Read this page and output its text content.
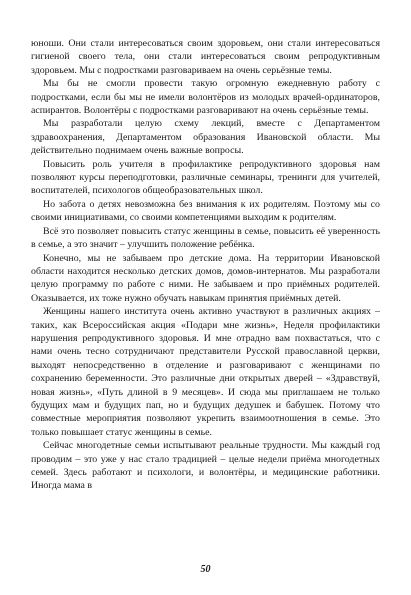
юноши. Они стали интересоваться своим здоровьем, они стали интересоваться гигиеной своего тела, они стали интересоваться своим репродуктивным здоровьем. Мы с подростками разговариваем на очень серьёзные темы.

Мы бы не смогли провести такую огромную ежедневную работу с подростками, если бы мы не имели волонтёров из молодых врачей-ординаторов, аспирантов. Волонтёры с подростками разговаривают на очень серьёзные темы.

Мы разработали целую схему лекций, вместе с Департаментом здравоохранения, Департаментом образования Ивановской области. Мы действительно поднимаем очень важные вопросы.

Повысить роль учителя в профилактике репродуктивного здоровья нам позволяют курсы переподготовки, различные семинары, тренинги для учителей, воспитателей, психологов общеобразовательных школ.

Но забота о детях невозможна без внимания к их родителям. Поэтому мы со своими инициативами, со своими компетенциями выходим к родителям.

Всё это позволяет повысить статус женщины в семье, повысить её уверенность в семье, а это значит – улучшить положение ребёнка.

Конечно, мы не забываем про детские дома. На территории Ивановской области находится несколько детских домов, домов-интернатов. Мы разработали целую программу по работе с ними. Не забываем и про приёмных родителей. Оказывается, их тоже нужно обучать навыкам принятия приёмных детей.

Женщины нашего института очень активно участвуют в различных акциях – таких, как Всероссийская акция «Подари мне жизнь», Неделя профилактики нарушения репродуктивного здоровья. И мне отрадно вам похвастаться, что с нами очень тесно сотрудничают представители Русской православной церкви, выходят непосредственно в отделение и разговаривают с женщинами по сохранению беременности. Это различные дни открытых дверей – «Здравствуй, новая жизнь», «Путь длиной в 9 месяцев». И сюда мы приглашаем не только будущих мам и будущих пап, но и будущих дедушек и бабушек. Потому что совместные мероприятия позволяют укрепить взаимоотношения в семье. Это только повышает статус женщины в семье.

Сейчас многодетные семьи испытывают реальные трудности. Мы каждый год проводим – это уже у нас стало традицией – целые недели приёма многодетных семей. Здесь работают и психологи, и волонтёры, и медицинские работники. Иногда мама в

50
